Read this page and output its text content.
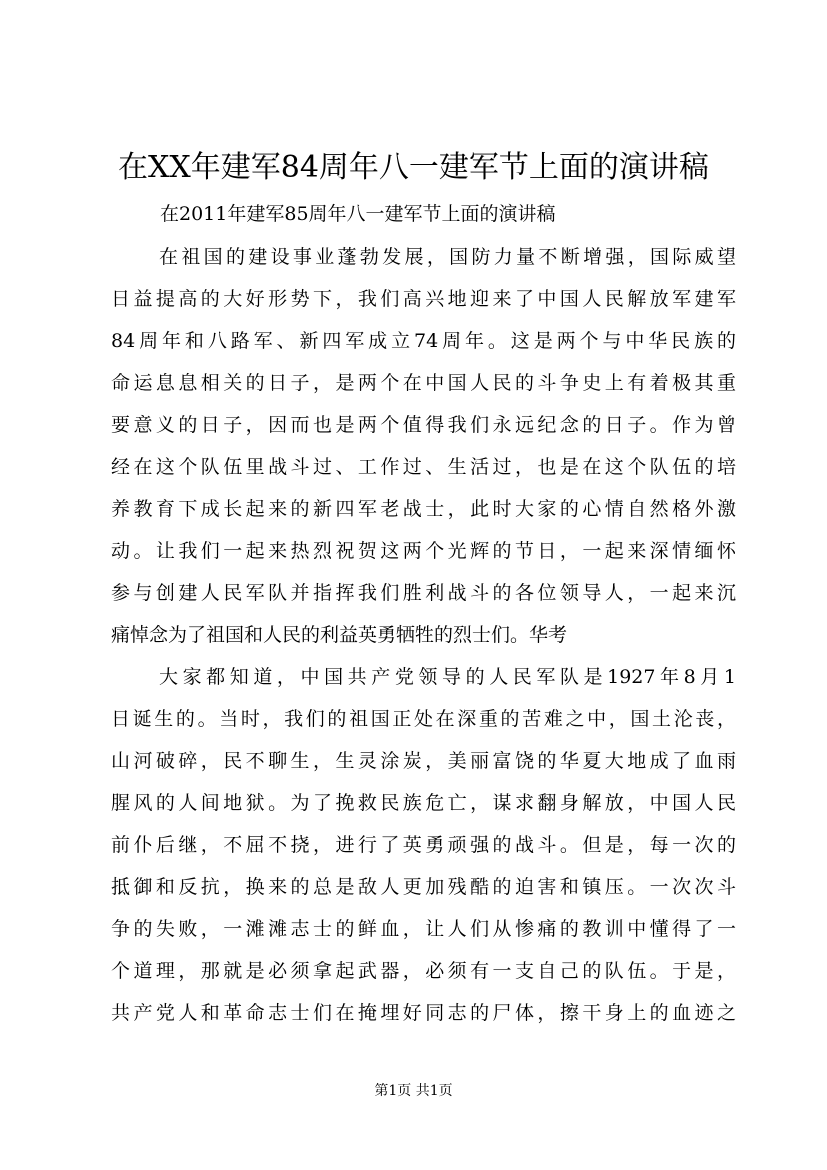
在XX年建军84周年八一建军节上面的演讲稿
在2011年建军85周年八一建军节上面的演讲稿
在祖国的建设事业蓬勃发展，国防力量不断增强，国际威望
日益提高的大好形势下，我们高兴地迎来了中国人民解放军建军
84周年和八路军、新四军成立74周年。这是两个与中华民族的
命运息息相关的日子，是两个在中国人民的斗争史上有着极其重
要意义的日子，因而也是两个值得我们永远纪念的日子。作为曾
经在这个队伍里战斗过、工作过、生活过，也是在这个队伍的培
养教育下成长起来的新四军老战士，此时大家的心情自然格外激
动。让我们一起来热烈祝贺这两个光辉的节日，一起来深情缅怀
参与创建人民军队并指挥我们胜利战斗的各位领导人，一起来沉
痛悼念为了祖国和人民的利益英勇牺牲的烈士们。华考
大家都知道，中国共产党领导的人民军队是1927年8月1
日诞生的。当时，我们的祖国正处在深重的苦难之中，国土沦丧，
山河破碎，民不聊生，生灵涂炭，美丽富饶的华夏大地成了血雨
腥风的人间地狱。为了挽救民族危亡，谋求翻身解放，中国人民
前仆后继，不屈不挠，进行了英勇顽强的战斗。但是，每一次的
抵御和反抗，换来的总是敌人更加残酷的迫害和镇压。一次次斗
争的失败，一滩滩志士的鲜血，让人们从惨痛的教训中懂得了一
个道理，那就是必须拿起武器，必须有一支自己的队伍。于是，
共产党人和革命志士们在掩埋好同志的尸体，擦干身上的血迹之
第1页 共1页
